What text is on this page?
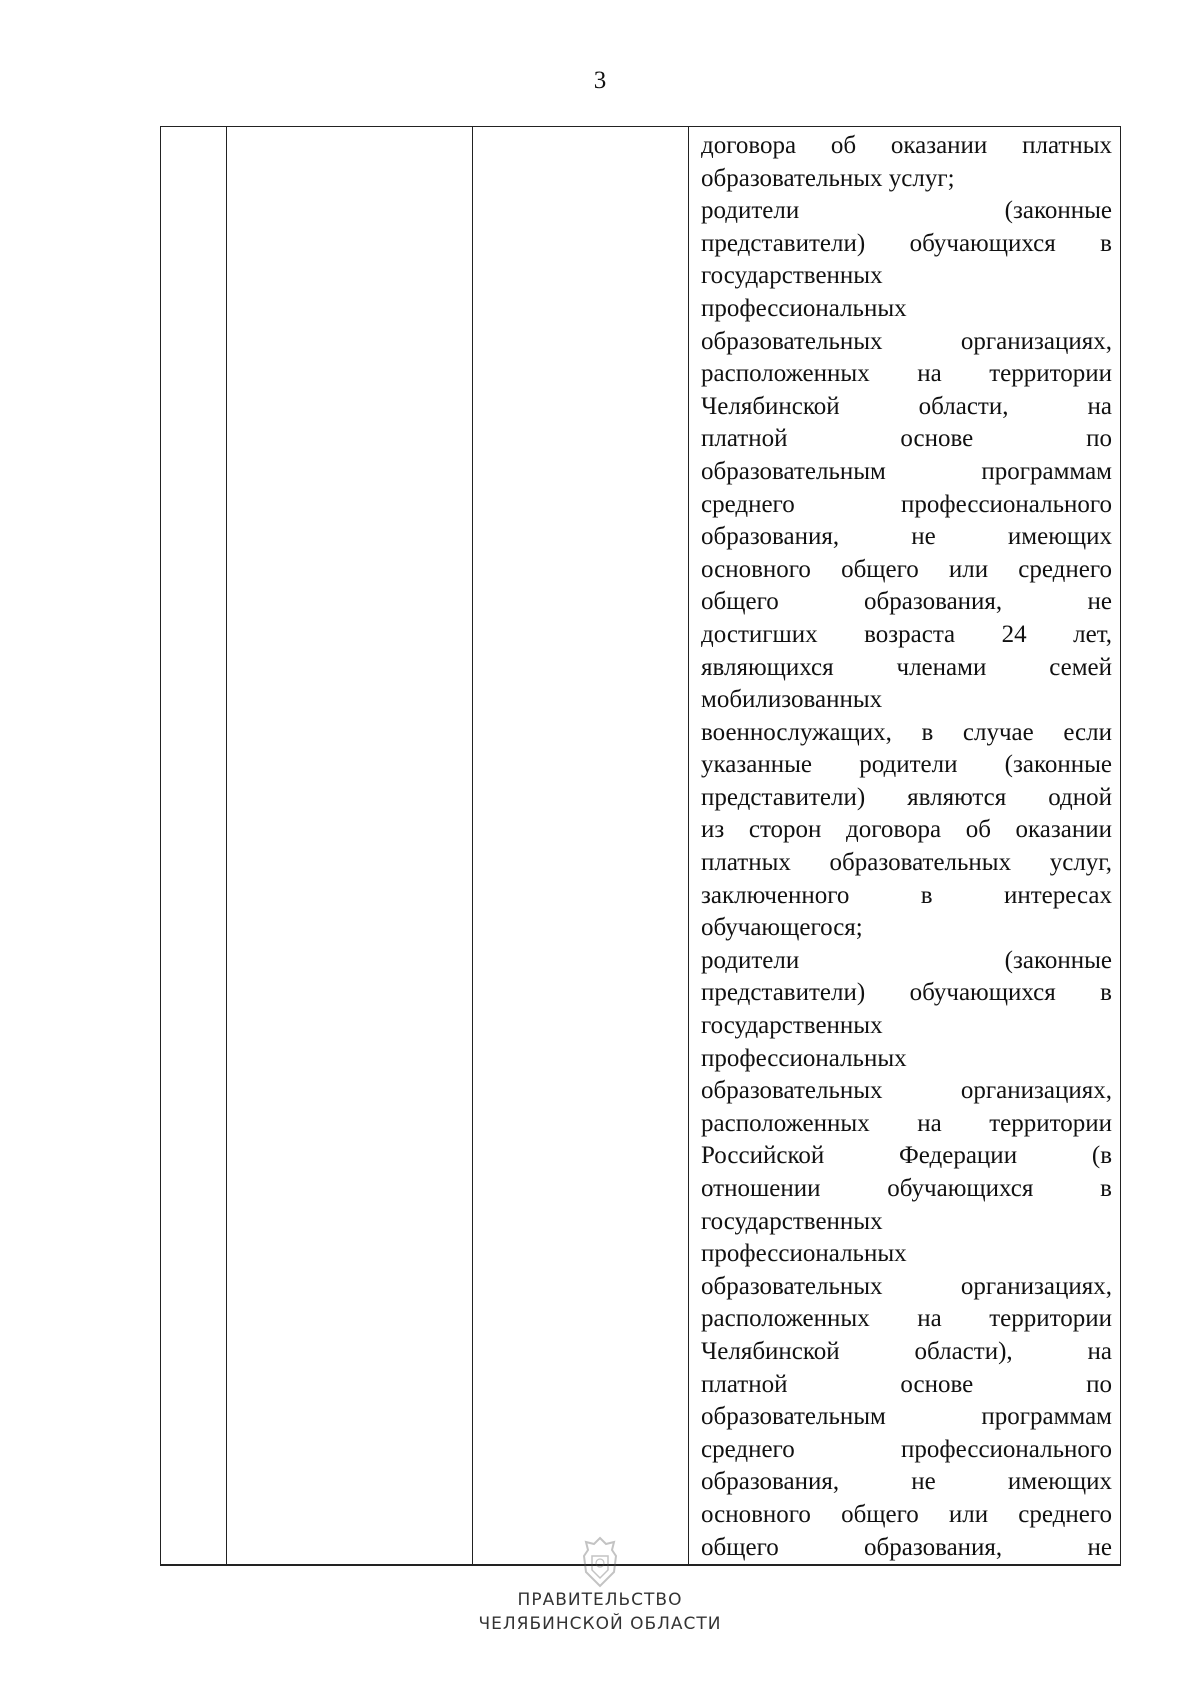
3

договора об оказании платных
образовательных услуг;
родители (законные
представители) обучающихся в
государственных
профессиональных
образовательных организациях,
расположенных на территории
Челябинской области, на
платной основе по
образовательным программам
среднего профессионального
образования, не имеющих
основного общего или среднего
общего образования, не
достигших возраста 24 лет,
являющихся членами семей
мобилизованных
военнослужащих, в случае если
указанные родители (законные
представители) являются одной
из сторон договора об оказании
платных образовательных услуг,
заключенного в интересах
обучающегося;
родители (законные
представители) обучающихся в
государственных
профессиональных
образовательных организациях,
расположенных на территории
Российской Федерации (в
отношении обучающихся в
государственных
профессиональных
образовательных организациях,
расположенных на территории
Челябинской области), на
платной основе по
образовательным программам
среднего профессионального
образования, не имеющих
основного общего или среднего
общего образования, не
ПРАВИТЕЛЬСТВО
ЧЕЛЯБИНСКОЙ ОБЛАСТИ
